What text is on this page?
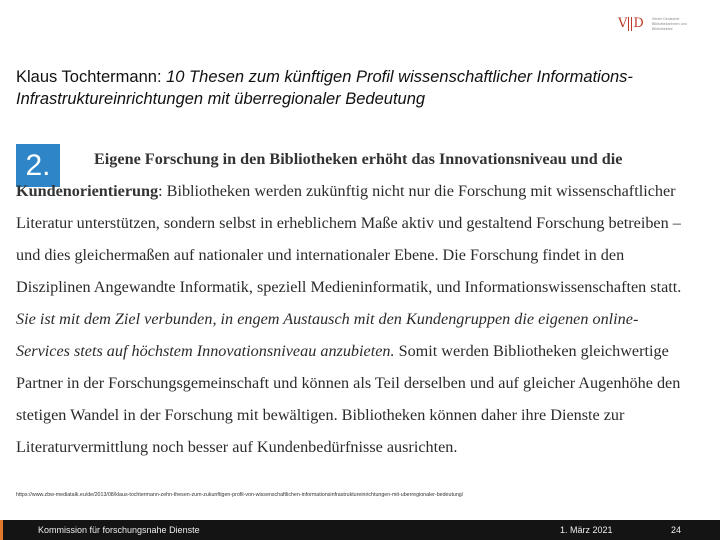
V D Verein Deutscher Bibliothekarinnen und Bibliothekare
Klaus Tochtermann: 10 Thesen zum künftigen Profil wissenschaftlicher Informations-Infrastruktureinrichtungen mit überregionaler Bedeutung
2.	Eigene Forschung in den Bibliotheken erhöht das Innovationsniveau und die Kundenorientierung: Bibliotheken werden zukünftig nicht nur die Forschung mit wissenschaftlicher Literatur unterstützen, sondern selbst in erheblichem Maße aktiv und gestaltend Forschung betreiben – und dies gleichermaßen auf nationaler und internationaler Ebene. Die Forschung findet in den Disziplinen Angewandte Informatik, speziell Medieninformatik, und Informationswissenschaften statt. Sie ist mit dem Ziel verbunden, in engem Austausch mit den Kundengruppen die eigenen online-Services stets auf höchstem Innovationsniveau anzubieten. Somit werden Bibliotheken gleichwertige Partner in der Forschungsgemeinschaft und können als Teil derselben und auf gleicher Augenhöhe den stetigen Wandel in der Forschung mit bewältigen. Bibliotheken können daher ihre Dienste zur Literaturvermittlung noch besser auf Kundenbedürfnisse ausrichten.
https://www.zbw-mediatalk.eu/de/2013/08/klaus-tochtermann-zehn-thesen-zum-zukunftigen-profil-von-wissenschaftlichen-informationsinfrastruktureinrichtungen-mit-uberregionaler-bedeutung/
Kommission für forschungsnahe Dienste	1. März 2021	24
